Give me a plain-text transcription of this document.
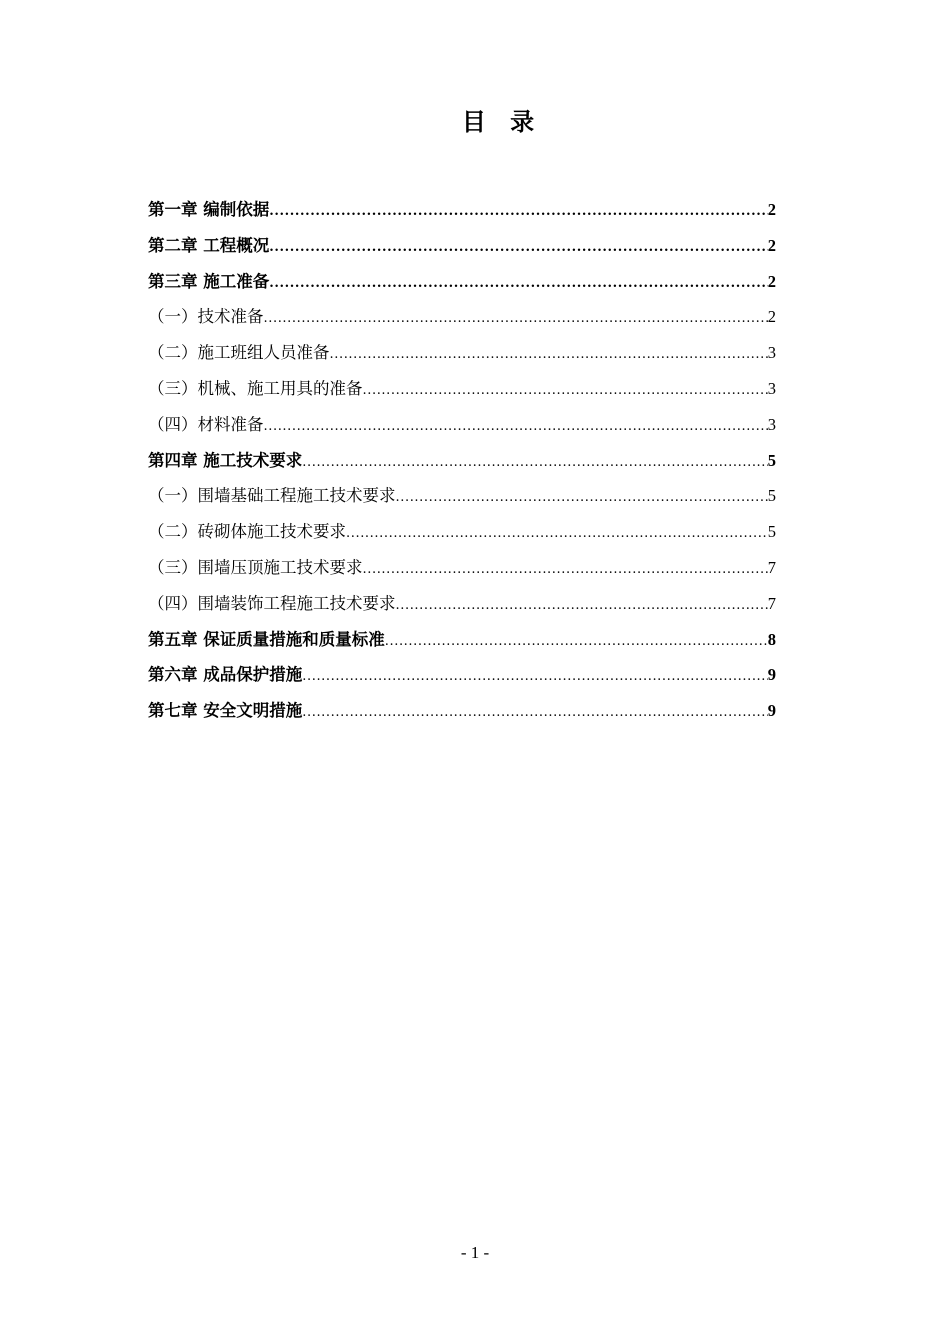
目 录
第一章 编制依据 .....	2
第二章 工程概况 .....	2
第三章 施工准备 .....	2
（一）技术准备 .....	2
（二）施工班组人员准备 .....	3
（三）机械、施工用具的准备 .....	3
（四）材料准备 .....	3
第四章 施工技术要求 .....	5
（一）围墙基础工程施工技术要求 .....	5
（二）砖砌体施工技术要求 .....	5
（三）围墙压顶施工技术要求 .....	7
（四）围墙装饰工程施工技术要求 .....	7
第五章 保证质量措施和质量标准 .....	8
第六章 成品保护措施 .....	9
第七章 安全文明措施 .....	9
- 1 -
